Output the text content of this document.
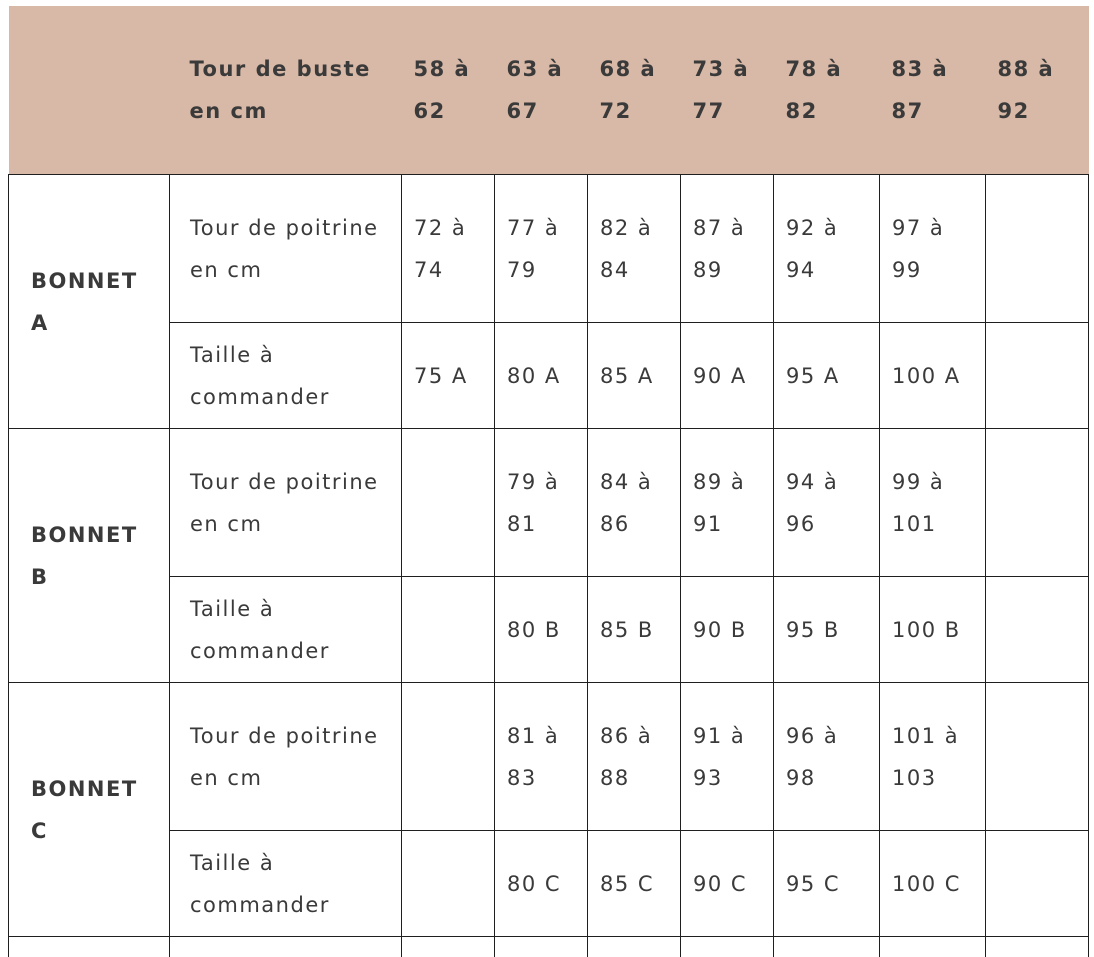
	Tour de buste en cm	58 à 62	63 à 67	68 à 72	73 à 77	78 à 82	83 à 87	88 à 92
BONNET A	Tour de poitrine en cm	72 à 74	77 à 79	82 à 84	87 à 89	92 à 94	97 à 99	
	Taille à commander	75 A	80 A	85 A	90 A	95 A	100 A	
BONNET B	Tour de poitrine en cm		79 à 81	84 à 86	89 à 91	94 à 96	99 à 101	
	Taille à commander		80 B	85 B	90 B	95 B	100 B	
BONNET C	Tour de poitrine en cm		81 à 83	86 à 88	91 à 93	96 à 98	101 à 103	
	Taille à commander		80 C	85 C	90 C	95 C	100 C	
